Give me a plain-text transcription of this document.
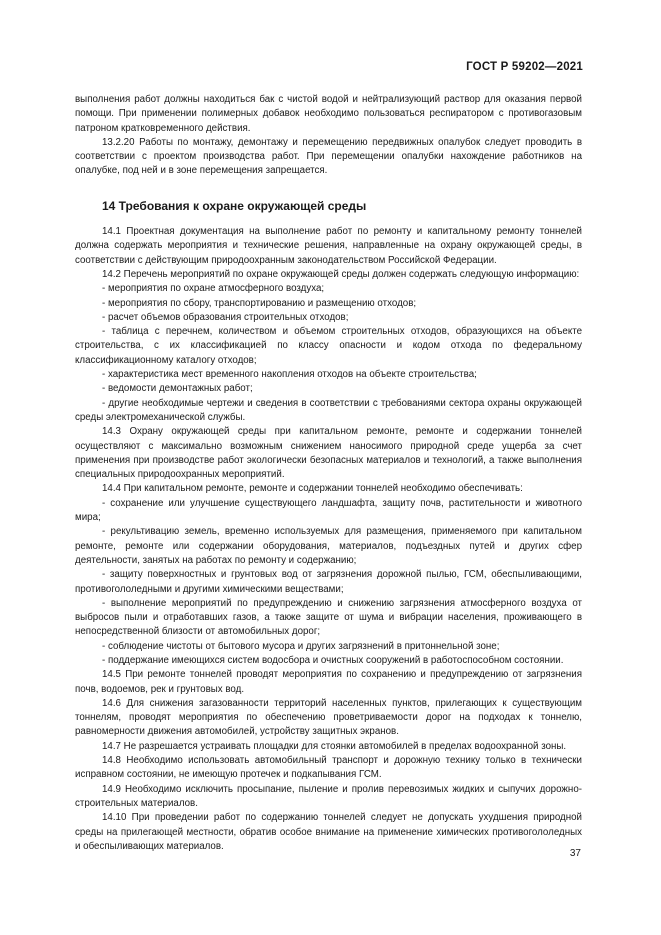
ГОСТ Р 59202—2021

выполнения работ должны находиться бак с чистой водой и нейтрализующий раствор для оказания первой помощи. При применении полимерных добавок необходимо пользоваться респиратором с противогазовым патроном кратковременного действия.

13.2.20 Работы по монтажу, демонтажу и перемещению передвижных опалубок следует проводить в соответствии с проектом производства работ. При перемещении опалубки нахождение работников на опалубке, под ней и в зоне перемещения запрещается.

14 Требования к охране окружающей среды

14.1 Проектная документация на выполнение работ по ремонту и капитальному ремонту тоннелей должна содержать мероприятия и технические решения, направленные на охрану окружающей среды, в соответствии с действующим природоохранным законодательством Российской Федерации.

14.2 Перечень мероприятий по охране окружающей среды должен содержать следующую информацию:

- мероприятия по охране атмосферного воздуха;

- мероприятия по сбору, транспортированию и размещению отходов;

- расчет объемов образования строительных отходов;

- таблица с перечнем, количеством и объемом строительных отходов, образующихся на объекте строительства, с их классификацией по классу опасности и кодом отхода по федеральному классификационному каталогу отходов;

- характеристика мест временного накопления отходов на объекте строительства;

- ведомости демонтажных работ;

- другие необходимые чертежи и сведения в соответствии с требованиями сектора охраны окружающей среды электромеханической службы.

14.3 Охрану окружающей среды при капитальном ремонте, ремонте и содержании тоннелей осуществляют с максимально возможным снижением наносимого природной среде ущерба за счет применения при производстве работ экологически безопасных материалов и технологий, а также выполнения специальных природоохранных мероприятий.

14.4 При капитальном ремонте, ремонте и содержании тоннелей необходимо обеспечивать:

- сохранение или улучшение существующего ландшафта, защиту почв, растительности и животного мира;

- рекультивацию земель, временно используемых для размещения, применяемого при капитальном ремонте, ремонте или содержании оборудования, материалов, подъездных путей и других сфер деятельности, занятых на работах по ремонту и содержанию;

- защиту поверхностных и грунтовых вод от загрязнения дорожной пылью, ГСМ, обеспыливающими, противогололедными и другими химическими веществами;

- выполнение мероприятий по предупреждению и снижению загрязнения атмосферного воздуха от выбросов пыли и отработавших газов, а также защите от шума и вибрации населения, проживающего в непосредственной близости от автомобильных дорог;

- соблюдение чистоты от бытового мусора и других загрязнений в притоннельной зоне;

- поддержание имеющихся систем водосбора и очистных сооружений в работоспособном состоянии.

14.5 При ремонте тоннелей проводят мероприятия по сохранению и предупреждению от загрязнения почв, водоемов, рек и грунтовых вод.

14.6 Для снижения загазованности территорий населенных пунктов, прилегающих к существующим тоннелям, проводят мероприятия по обеспечению проветриваемости дорог на подходах к тоннелю, равномерности движения автомобилей, устройству защитных экранов.

14.7 Не разрешается устраивать площадки для стоянки автомобилей в пределах водоохранной зоны.

14.8 Необходимо использовать автомобильный транспорт и дорожную технику только в технически исправном состоянии, не имеющую протечек и подкапывания ГСМ.

14.9 Необходимо исключить просыпание, пыление и пролив перевозимых жидких и сыпучих дорожно-строительных материалов.

14.10 При проведении работ по содержанию тоннелей следует не допускать ухудшения природной среды на прилегающей местности, обратив особое внимание на применение химических противогололедных и обеспыливающих материалов.

37
